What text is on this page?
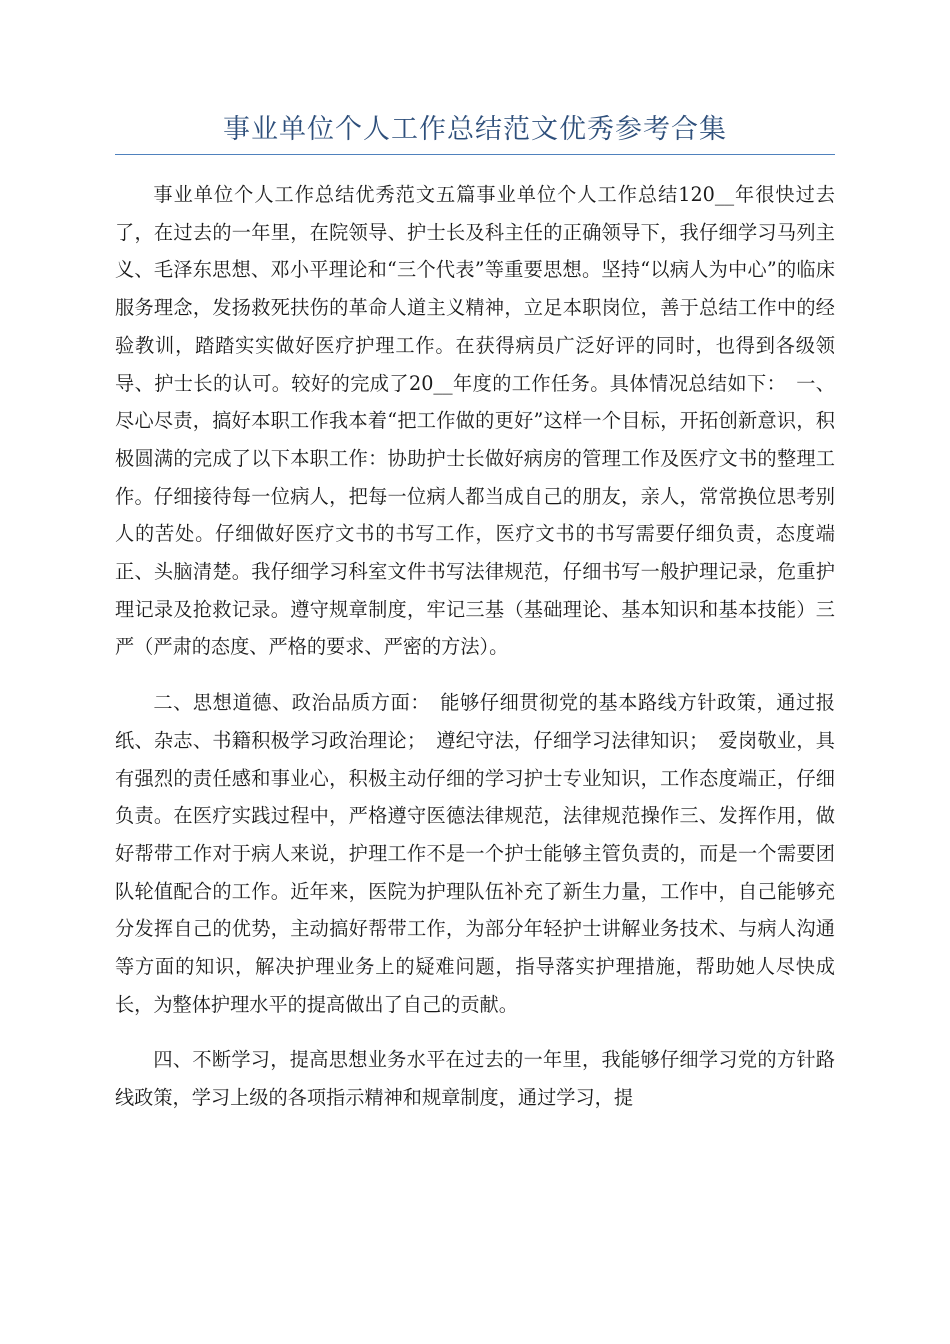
事业单位个人工作总结范文优秀参考合集

事业单位个人工作总结优秀范文五篇事业单位个人工作总结120__年很快过去了，在过去的一年里，在院领导、护士长及科主任的正确领导下，我仔细学习马列主义、毛泽东思想、邓小平理论和“三个代表”等重要思想。坚持“以病人为中心”的临床服务理念，发扬救死扶伤的革命人道主义精神，立足本职岗位，善于总结工作中的经验教训，踏踏实实做好医疗护理工作。在获得病员广泛好评的同时，也得到各级领导、护士长的认可。较好的完成了20__年度的工作任务。具体情况总结如下：　一、尽心尽责，搞好本职工作我本着“把工作做的更好”这样一个目标，开拓创新意识，积极圆满的完成了以下本职工作：协助护士长做好病房的管理工作及医疗文书的整理工作。仔细接待每一位病人，把每一位病人都当成自己的朋友，亲人，常常换位思考别人的苦处。仔细做好医疗文书的书写工作，医疗文书的书写需要仔细负责，态度端正、头脑清楚。我仔细学习科室文件书写法律规范，仔细书写一般护理记录，危重护理记录及抢救记录。遵守规章制度，牢记三基（基础理论、基本知识和基本技能）三严（严肃的态度、严格的要求、严密的方法）。

二、思想道德、政治品质方面：　能够仔细贯彻党的基本路线方针政策，通过报纸、杂志、书籍积极学习政治理论；　遵纪守法，仔细学习法律知识；　爱岗敬业，具有强烈的责任感和事业心，积极主动仔细的学习护士专业知识，工作态度端正，仔细负责。在医疗实践过程中，严格遵守医德法律规范，法律规范操作三、发挥作用，做好帮带工作对于病人来说，护理工作不是一个护士能够主管负责的，而是一个需要团队轮值配合的工作。近年来，医院为护理队伍补充了新生力量，工作中，自己能够充分发挥自己的优势，主动搞好帮带工作，为部分年轻护士讲解业务技术、与病人沟通等方面的知识，解决护理业务上的疑难问题，指导落实护理措施，帮助她人尽快成长，为整体护理水平的提高做出了自己的贡献。

四、不断学习，提高思想业务水平在过去的一年里，我能够仔细学习党的方针路线政策，学习上级的各项指示精神和规章制度，通过学习，提
